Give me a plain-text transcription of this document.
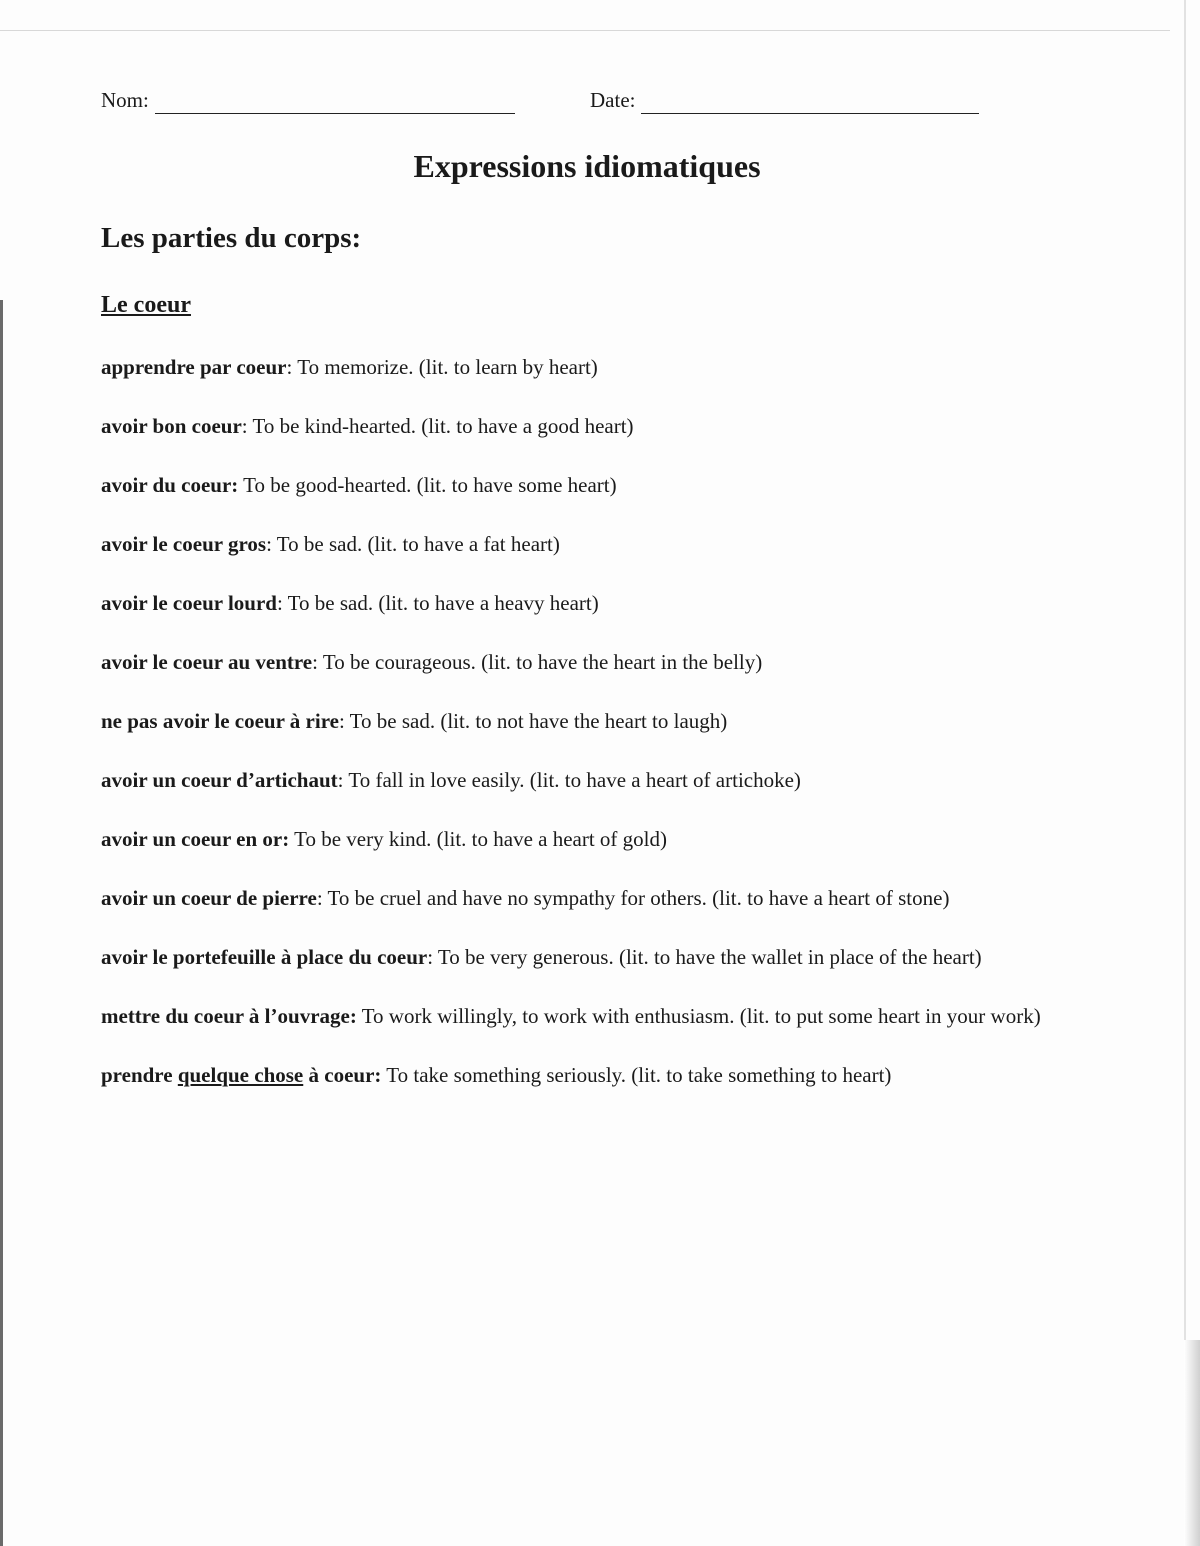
Nom:	Date:
Expressions idiomatiques
Les parties du corps:
Le coeur
apprendre par coeur: To memorize. (lit. to learn by heart)
avoir bon coeur: To be kind-hearted. (lit. to have a good heart)
avoir du coeur: To be good-hearted. (lit. to have some heart)
avoir le coeur gros: To be sad. (lit. to have a fat heart)
avoir le coeur lourd: To be sad. (lit. to have a heavy heart)
avoir le coeur au ventre: To be courageous. (lit. to have the heart in the belly)
ne pas avoir le coeur à rire: To be sad. (lit. to not have the heart to laugh)
avoir un coeur d’artichaut: To fall in love easily. (lit. to have a heart of artichoke)
avoir un coeur en or: To be very kind. (lit. to have a heart of gold)
avoir un coeur de pierre: To be cruel and have no sympathy for others. (lit. to have a heart of stone)
avoir le portefeuille à place du coeur: To be very generous. (lit. to have the wallet in place of the heart)
mettre du coeur à l’ouvrage: To work willingly, to work with enthusiasm. (lit. to put some heart in your work)
prendre quelque chose à coeur: To take something seriously. (lit. to take something to heart)
